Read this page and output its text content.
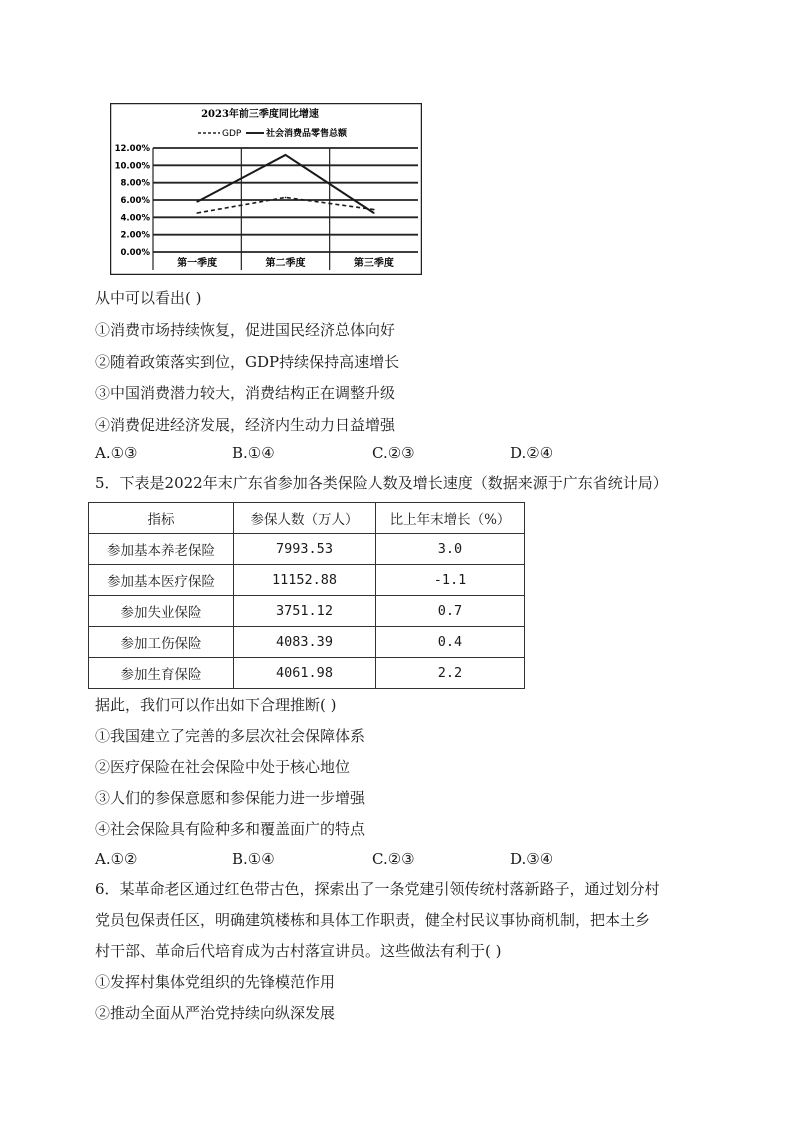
2023年前三季度同比增速
GDP	社会消费品零售总额
0.00%
2.00%
4.00%
6.00%
8.00%
10.00%
12.00%
第一季度	第二季度	第三季度
从中可以看出( )
①消费市场持续恢复，促进国民经济总体向好
②随着政策落实到位，GDP持续保持高速增长
③中国消费潜力较大，消费结构正在调整升级
④消费促进经济发展，经济内生动力日益增强
A.①③	B.①④	C.②③	D.②④
5．下表是2022年末广东省参加各类保险人数及增长速度（数据来源于广东省统计局）
指标	参保人数（万人）	比上年末增长（%）
参加基本养老保险	7993.53	3.0
参加基本医疗保险	11152.88	-1.1
参加失业保险	3751.12	0.7
参加工伤保险	4083.39	0.4
参加生育保险	4061.98	2.2
据此，我们可以作出如下合理推断( )
①我国建立了完善的多层次社会保障体系
②医疗保险在社会保险中处于核心地位
③人们的参保意愿和参保能力进一步增强
④社会保险具有险种多和覆盖面广的特点
A.①②	B.①④	C.②③	D.③④
6．某革命老区通过红色带古色，探索出了一条党建引领传统村落新路子，通过划分村
党员包保责任区，明确建筑楼栋和具体工作职责，健全村民议事协商机制，把本土乡
村干部、革命后代培育成为古村落宣讲员。这些做法有利于( )
①发挥村集体党组织的先锋模范作用
②推动全面从严治党持续向纵深发展
